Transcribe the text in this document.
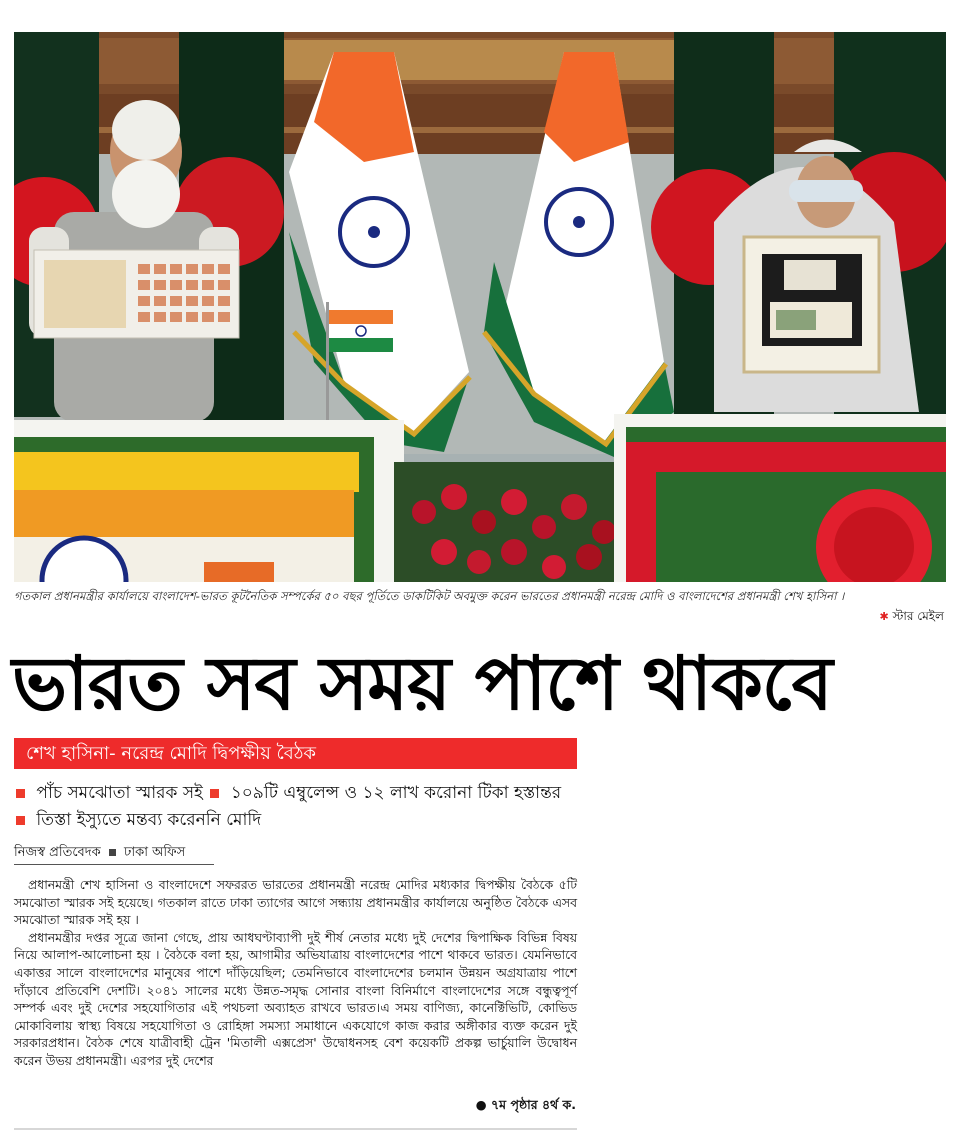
গতকাল প্রধানমন্ত্রীর কার্যালয়ে বাংলাদেশ-ভারত কূটনৈতিক সম্পর্কের ৫০ বছর পূর্তিতে ডাকটিকিট অবমুক্ত করেন ভারতের প্রধানমন্ত্রী নরেন্দ্র মোদি ও বাংলাদেশের প্রধানমন্ত্রী শেখ হাসিনা ।
✱ স্টার মেইল
ভারত সব সময় পাশে থাকবে
শেখ হাসিনা- নরেন্দ্র মোদি দ্বিপক্ষীয় বৈঠক
পাঁচ সমঝোতা স্মারক সই ১০৯টি এম্বুলেন্স ও ১২ লাখ করোনা টিকা হস্তান্তর  তিস্তা ইস্যুতে মন্তব্য করেননি মোদি
নিজস্ব প্রতিবেদক ঢাকা অফিস

প্রধানমন্ত্রী শেখ হাসিনা ও বাংলাদেশে সফররত ভারতের প্রধানমন্ত্রী নরেন্দ্র মোদির মধ্যকার দ্বিপক্ষীয় বৈঠকে ৫টি সমঝোতা স্মারক সই হয়েছে। গতকাল রাতে ঢাকা ত্যাগের আগে সন্ধ্যায় প্রধানমন্ত্রীর কার্যালয়ে অনুষ্ঠিত বৈঠকে এসব সমঝোতা স্মারক সই হয় ।

প্রধানমন্ত্রীর দপ্তর সূত্রে জানা গেছে, প্রায় আধঘণ্টাব্যাপী দুই শীর্ষ নেতার মধ্যে দুই দেশের দ্বিপাক্ষিক বিভিন্ন বিষয় নিয়ে আলাপ-আলোচনা হয় । বৈঠকে বলা হয়, আগামীর অভিযাত্রায় বাংলাদেশের পাশে থাকবে ভারত। যেমনিভাবে একাত্তর সালে বাংলাদেশের মানুষের পাশে দাঁড়িয়েছিল; তেমনিভাবে বাংলাদেশের চলমান উন্নয়ন অগ্রযাত্রায় পাশে দাঁড়াবে প্রতিবেশি দেশটি। ২০৪১ সালের মধ্যে উন্নত-সমৃদ্ধ সোনার বাংলা বিনির্মাণে বাংলাদেশের সঙ্গে বন্ধুত্বপূর্ণ সম্পর্ক এবং দুই দেশের সহযোগিতার এই পথচলা অব্যাহত রাখবে ভারত।এ সময় বাণিজ্য, কানেক্টিভিটি, কোভিড মোকাবিলায় স্বাস্থ্য বিষয়ে সহযোগিতা ও রোহিঙ্গা সমস্যা সমাধানে একযোগে কাজ করার অঙ্গীকার ব্যক্ত করেন দুই সরকারপ্রধান। বৈঠক শেষে যাত্রীবাহী ট্রেন 'মিতালী এক্সপ্রেস' উদ্বোধনসহ বেশ কয়েকটি প্রকল্প ভার্চুয়ালি উদ্বোধন করেন উভয় প্রধানমন্ত্রী। এরপর দুই দেশের

● ৭ম পৃষ্ঠার ৪র্থ ক.
